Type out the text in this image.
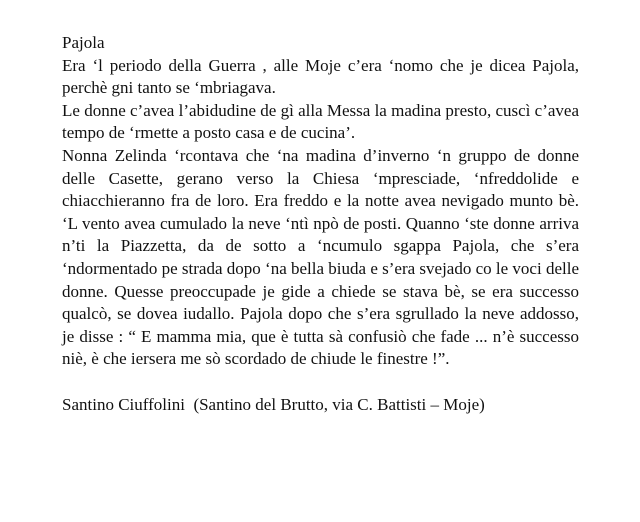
Pajola

Era ‘l periodo della Guerra , alle Moje c’era ‘nomo che je dicea Pajola, perchè gni tanto se ‘mbriagava.

Le donne c’avea l’abidudine de gì alla Messa la madina presto, cuscì c’avea tempo de ‘rmette a posto casa e de cucina’.

Nonna Zelinda ‘rcontava che ‘na madina d’inverno ‘n gruppo de donne delle Casette, gerano verso la Chiesa ‘mpresciade, ‘nfreddolide e chiacchieranno fra de loro. Era freddo e la notte avea nevigado munto bè. ‘L vento avea cumulado la neve ‘ntì npò de posti. Quanno ‘ste donne arriva n’ti la Piazzetta, da de sotto a ‘ncumulo sgappa Pajola, che s’era ‘ndormentado pe strada dopo ‘na bella biuda e s’era svejado co le voci delle donne. Quesse preoccupade je gide a chiede se stava bè, se era successo qualcò, se dovea iudallo. Pajola dopo che s’era sgrullado la neve addosso, je disse : “ E mamma mia, que è tutta sà confusiò che fade ... n’è successo niè, è che iersera me sò scordado de chiude le finestre !”.

Santino Ciuffolini  (Santino del Brutto, via C. Battisti – Moje)
